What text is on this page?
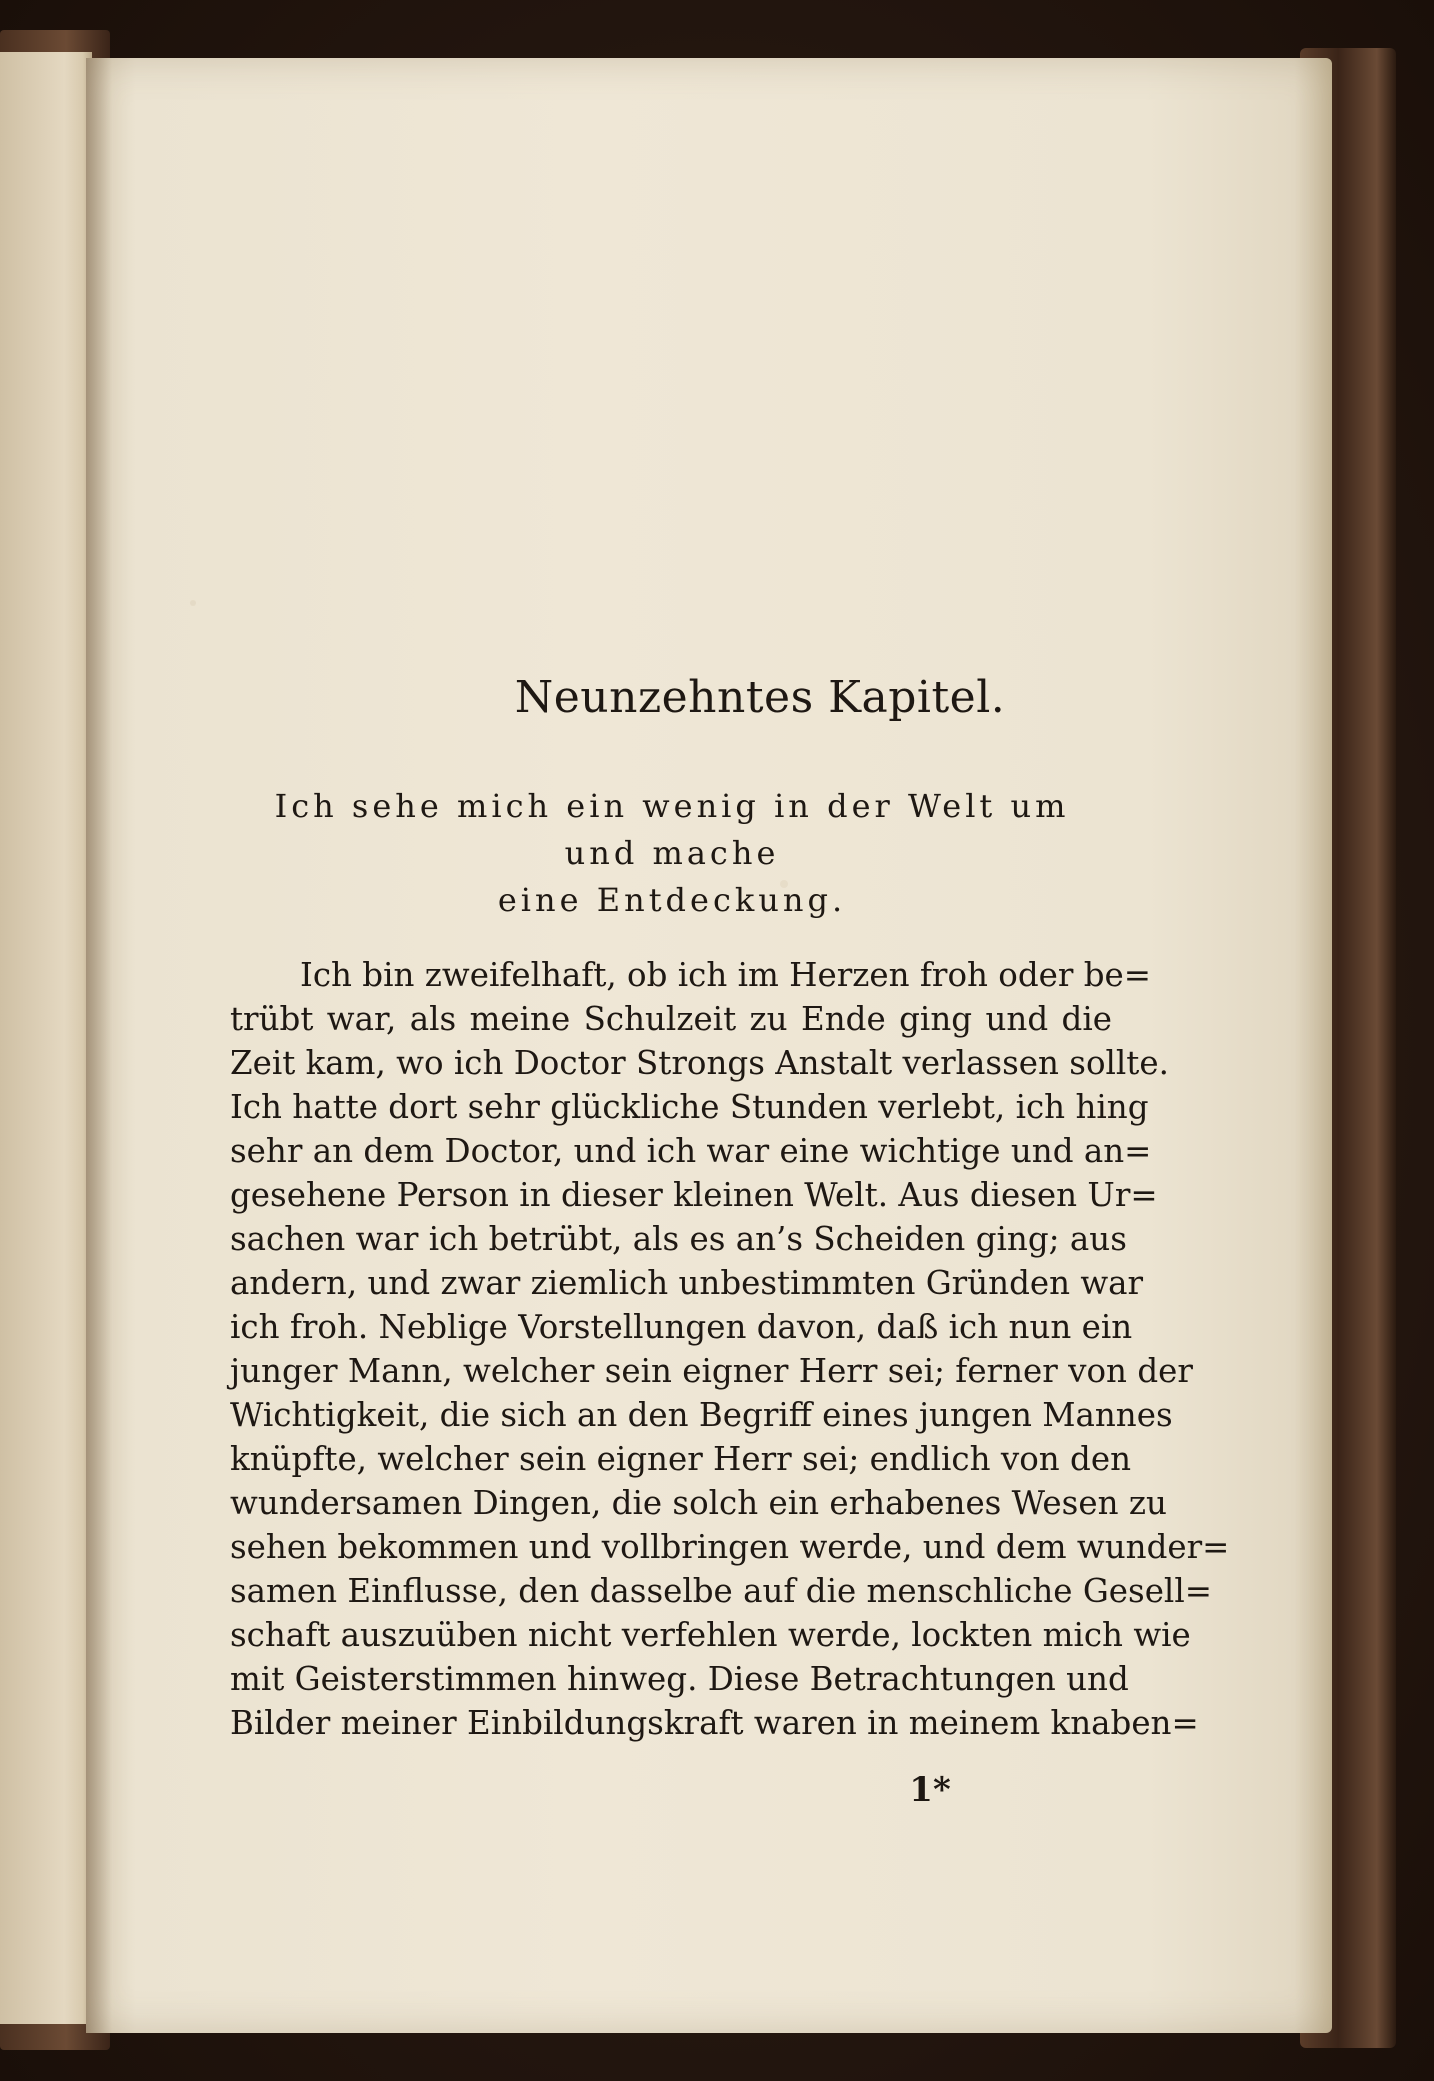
Neunzehntes Kapitel.
Ich sehe mich ein wenig in der Welt um und mache
eine Entdeckung.
Ich bin zweifelhaft, ob ich im Herzen froh oder be=
trübt war, als meine Schulzeit zu Ende ging und die
Zeit kam, wo ich Doctor Strongs Anstalt verlassen sollte.
Ich hatte dort sehr glückliche Stunden verlebt, ich hing
sehr an dem Doctor, und ich war eine wichtige und an=
gesehene Person in dieser kleinen Welt. Aus diesen Ur=
sachen war ich betrübt, als es an’s Scheiden ging; aus
andern, und zwar ziemlich unbestimmten Gründen war
ich froh. Neblige Vorstellungen davon, daß ich nun ein
junger Mann, welcher sein eigner Herr sei; ferner von der
Wichtigkeit, die sich an den Begriff eines jungen Mannes
knüpfte, welcher sein eigner Herr sei; endlich von den
wundersamen Dingen, die solch ein erhabenes Wesen zu
sehen bekommen und vollbringen werde, und dem wunder=
samen Einflusse, den dasselbe auf die menschliche Gesell=
schaft auszuüben nicht verfehlen werde, lockten mich wie
mit Geisterstimmen hinweg. Diese Betrachtungen und
Bilder meiner Einbildungskraft waren in meinem knaben=
1*
